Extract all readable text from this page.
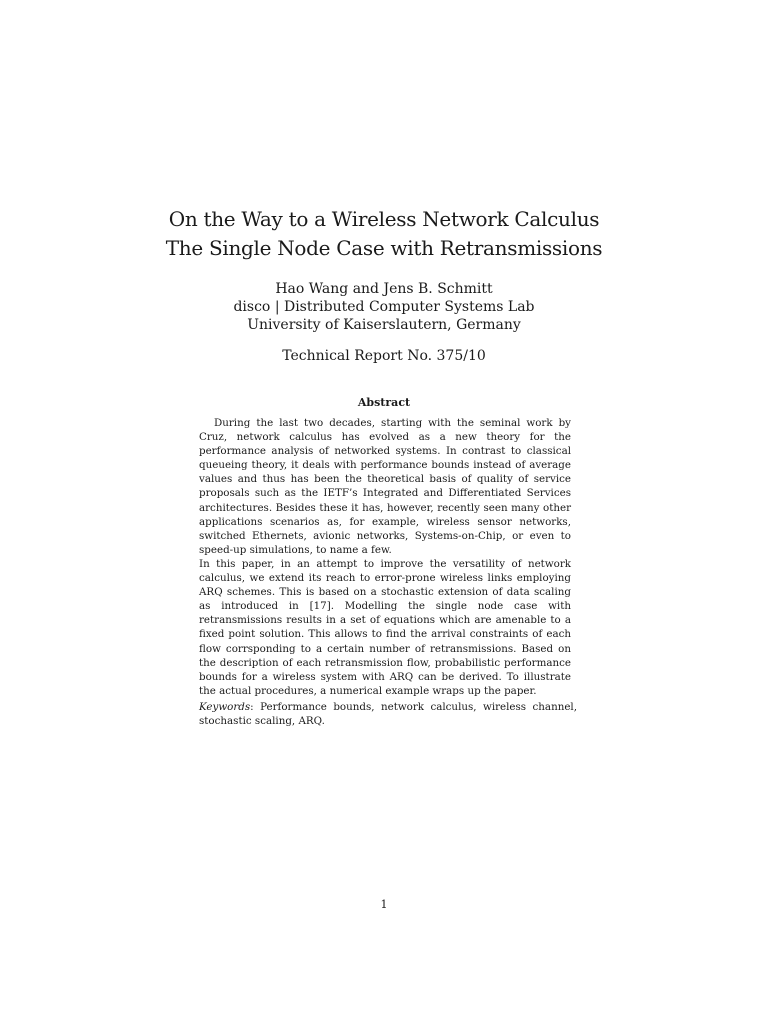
On the Way to a Wireless Network Calculus
The Single Node Case with Retransmissions
Hao Wang and Jens B. Schmitt
disco | Distributed Computer Systems Lab
University of Kaiserslautern, Germany
Technical Report No. 375/10
Abstract

During the last two decades, starting with the seminal work by Cruz, network calculus has evolved as a new theory for the performance analysis of networked systems. In contrast to classical queueing theory, it deals with performance bounds instead of average values and thus has been the theoretical basis of quality of service proposals such as the IETF’s Integrated and Differentiated Services architectures. Besides these it has, however, recently seen many other applications scenarios as, for example, wireless sensor networks, switched Ethernets, avionic networks, Systems-on-Chip, or even to speed-up simulations, to name a few.

In this paper, in an attempt to improve the versatility of network calculus, we extend its reach to error-prone wireless links employing ARQ schemes. This is based on a stochastic extension of data scaling as introduced in [17]. Modelling the single node case with retransmissions results in a set of equations which are amenable to a fixed point solution. This allows to find the arrival constraints of each flow corrsponding to a certain number of retransmissions. Based on the description of each retransmission flow, probabilistic performance bounds for a wireless system with ARQ can be derived. To illustrate the actual procedures, a numerical example wraps up the paper.

Keywords: Performance bounds, network calculus, wireless channel, stochastic scaling, ARQ.
1
